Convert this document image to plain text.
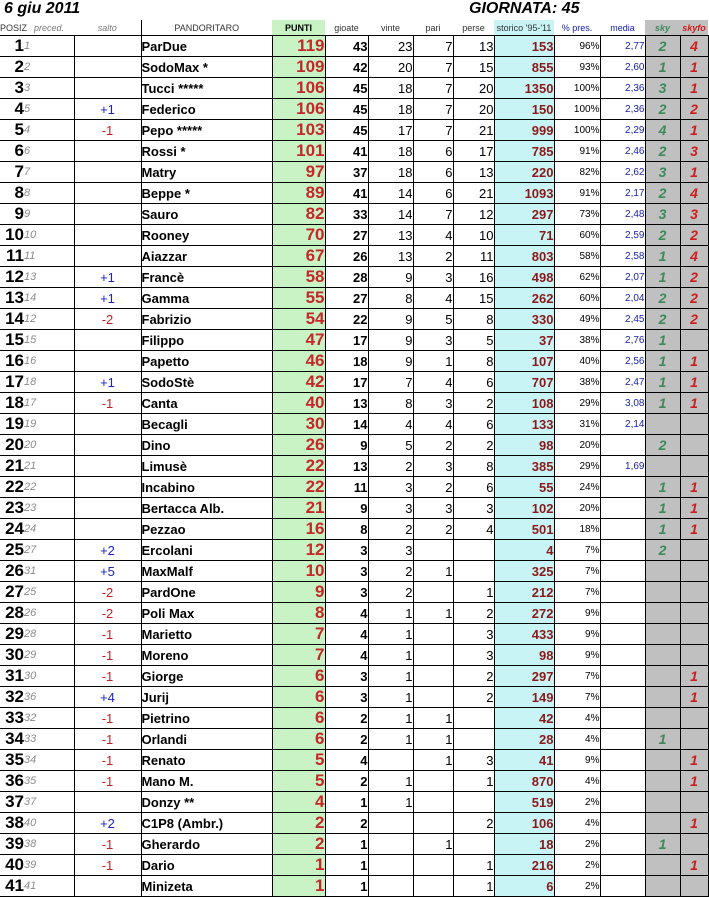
6 giu 2011	GIORNATA: 45
POSIZ	preced.	salto	PANDORITARO	PUNTI	gioate	vinte	pari	perse	storico '95-'11	% pres.	media	sky	skyfo
1	1		ParDue	119	43	23	7	13	153	96%	2,77	2	4
2	2		SodoMax *	109	42	20	7	15	855	93%	2,60	1	1
3	3		Tucci *****	106	45	18	7	20	1350	100%	2,36	3	1
4	5	+1	Federico	106	45	18	7	20	150	100%	2,36	2	2
5	4	-1	Pepo *****	103	45	17	7	21	999	100%	2,29	4	1
6	6		Rossi *	101	41	18	6	17	785	91%	2,46	2	3
7	7		Matry	97	37	18	6	13	220	82%	2,62	3	1
8	8		Beppe *	89	41	14	6	21	1093	91%	2,17	2	4
9	9		Sauro	82	33	14	7	12	297	73%	2,48	3	3
10	10		Rooney	70	27	13	4	10	71	60%	2,59	2	2
11	11		Aiazzar	67	26	13	2	11	803	58%	2,58	1	4
12	13	+1	Francè	58	28	9	3	16	498	62%	2,07	1	2
13	14	+1	Gamma	55	27	8	4	15	262	60%	2,04	2	2
14	12	-2	Fabrizio	54	22	9	5	8	330	49%	2,45	2	2
15	15		Filippo	47	17	9	3	5	37	38%	2,76	1	
16	16		Papetto	46	18	9	1	8	107	40%	2,56	1	1
17	18	+1	SodoStè	42	17	7	4	6	707	38%	2,47	1	1
18	17	-1	Canta	40	13	8	3	2	108	29%	3,08	1	1
19	19		Becagli	30	14	4	4	6	133	31%	2,14		
20	20		Dino	26	9	5	2	2	98	20%		2	
21	21		Limusè	22	13	2	3	8	385	29%	1,69		
22	22		Incabino	22	11	3	2	6	55	24%		1	1
23	23		Bertacca Alb.	21	9	3	3	3	102	20%		1	1
24	24		Pezzao	16	8	2	2	4	501	18%		1	1
25	27	+2	Ercolani	12	3	3			4	7%		2	
26	31	+5	MaxMalf	10	3	2	1		325	7%			
27	25	-2	PardOne	9	3	2		1	212	7%			
28	26	-2	Poli Max	8	4	1	1	2	272	9%			
29	28	-1	Marietto	7	4	1		3	433	9%			
30	29	-1	Moreno	7	4	1		3	98	9%			
31	30	-1	Giorge	6	3	1		2	297	7%			1
32	36	+4	Jurij	6	3	1		2	149	7%			1
33	32	-1	Pietrino	6	2	1	1		42	4%			
34	33	-1	Orlandi	6	2	1	1		28	4%		1	
35	34	-1	Renato	5	4		1	3	41	9%			1
36	35	-1	Mano M.	5	2	1		1	870	4%			1
37	37		Donzy **	4	1	1			519	2%			
38	40	+2	C1P8 (Ambr.)	2	2			2	106	4%			1
39	38	-1	Gherardo	2	1		1		18	2%		1	
40	39	-1	Dario	1	1			1	216	2%			1
41	41		Minizeta	1	1			1	6	2%			
